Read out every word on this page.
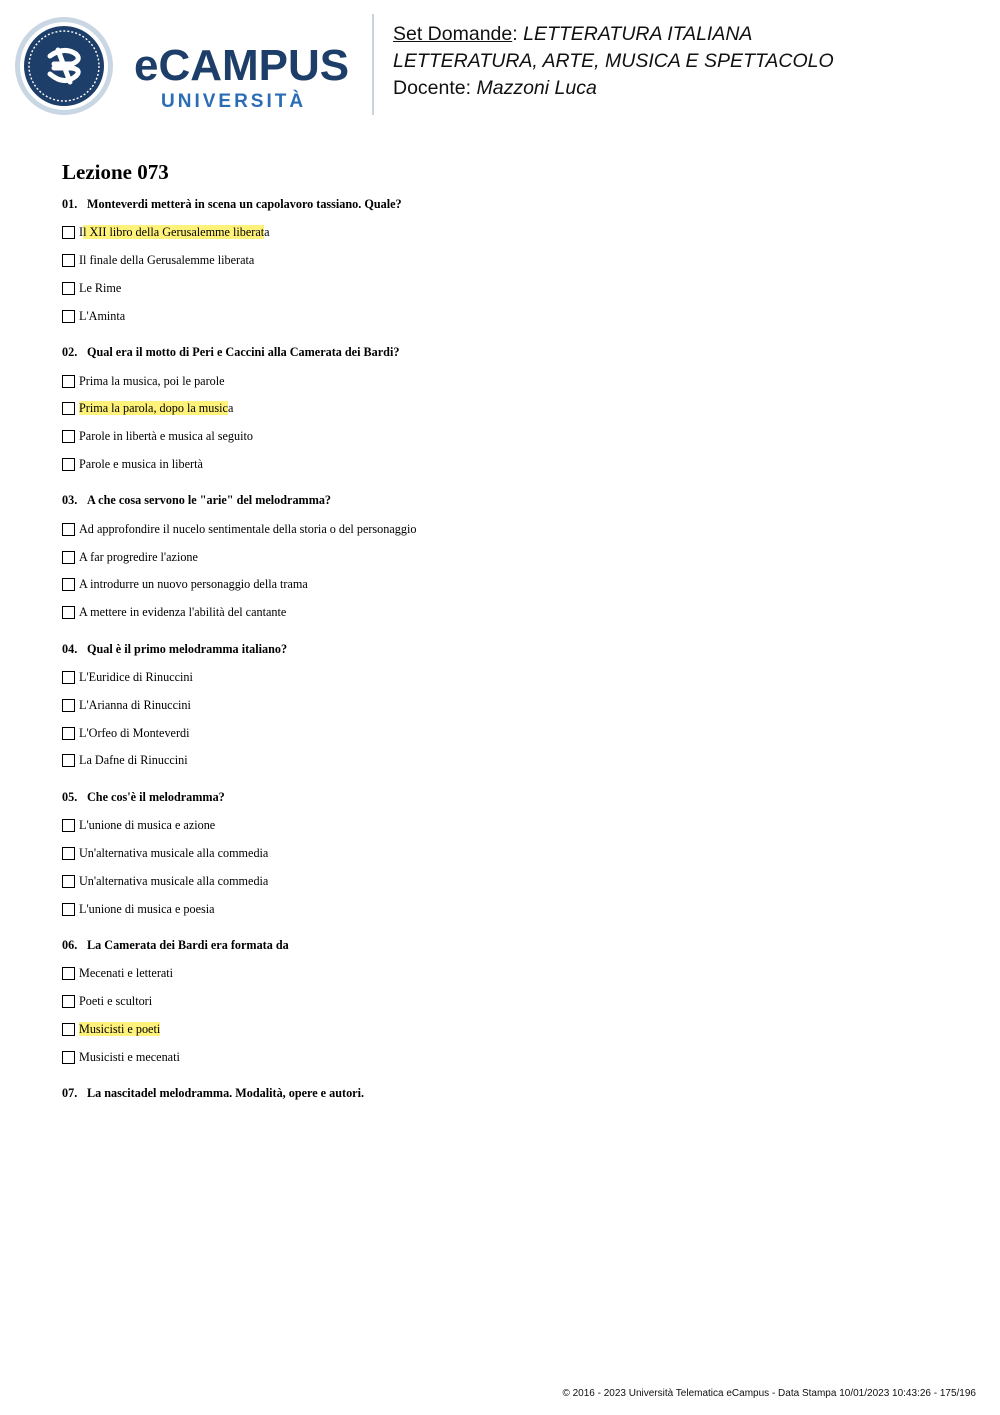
eCAMPUS
UNIVERSITÀ
Set Domande: LETTERATURA ITALIANA
LETTERATURA, ARTE, MUSICA E SPETTACOLO
Docente: Mazzoni Luca
Lezione 073
01. Monteverdi metterà in scena un capolavoro tassiano. Quale?
Il XII libro della Gerusalemme liberata
Il finale della Gerusalemme liberata
Le Rime
L'Aminta
02. Qual era il motto di Peri e Caccini alla Camerata dei Bardi?
Prima la musica, poi le parole
Prima la parola, dopo la musica
Parole in libertà e musica al seguito
Parole e musica in libertà
03. A che cosa servono le "arie" del melodramma?
Ad approfondire il nucelo sentimentale della storia o del personaggio
A far progredire l'azione
A introdurre un nuovo personaggio della trama
A mettere in evidenza l'abilità del cantante
04. Qual è il primo melodramma italiano?
L'Euridice di Rinuccini
L'Arianna di Rinuccini
L'Orfeo di Monteverdi
La Dafne di Rinuccini
05. Che cos'è il melodramma?
L'unione di musica e azione
Un'alternativa musicale alla commedia
Un'alternativa musicale alla commedia
L'unione di musica e poesia
06. La Camerata dei Bardi era formata da
Mecenati e letterati
Poeti e scultori
Musicisti e poeti
Musicisti e mecenati
07. La nascitadel melodramma. Modalità, opere e autori.
© 2016 - 2023 Università Telematica eCampus - Data Stampa 10/01/2023 10:43:26 - 175/196
